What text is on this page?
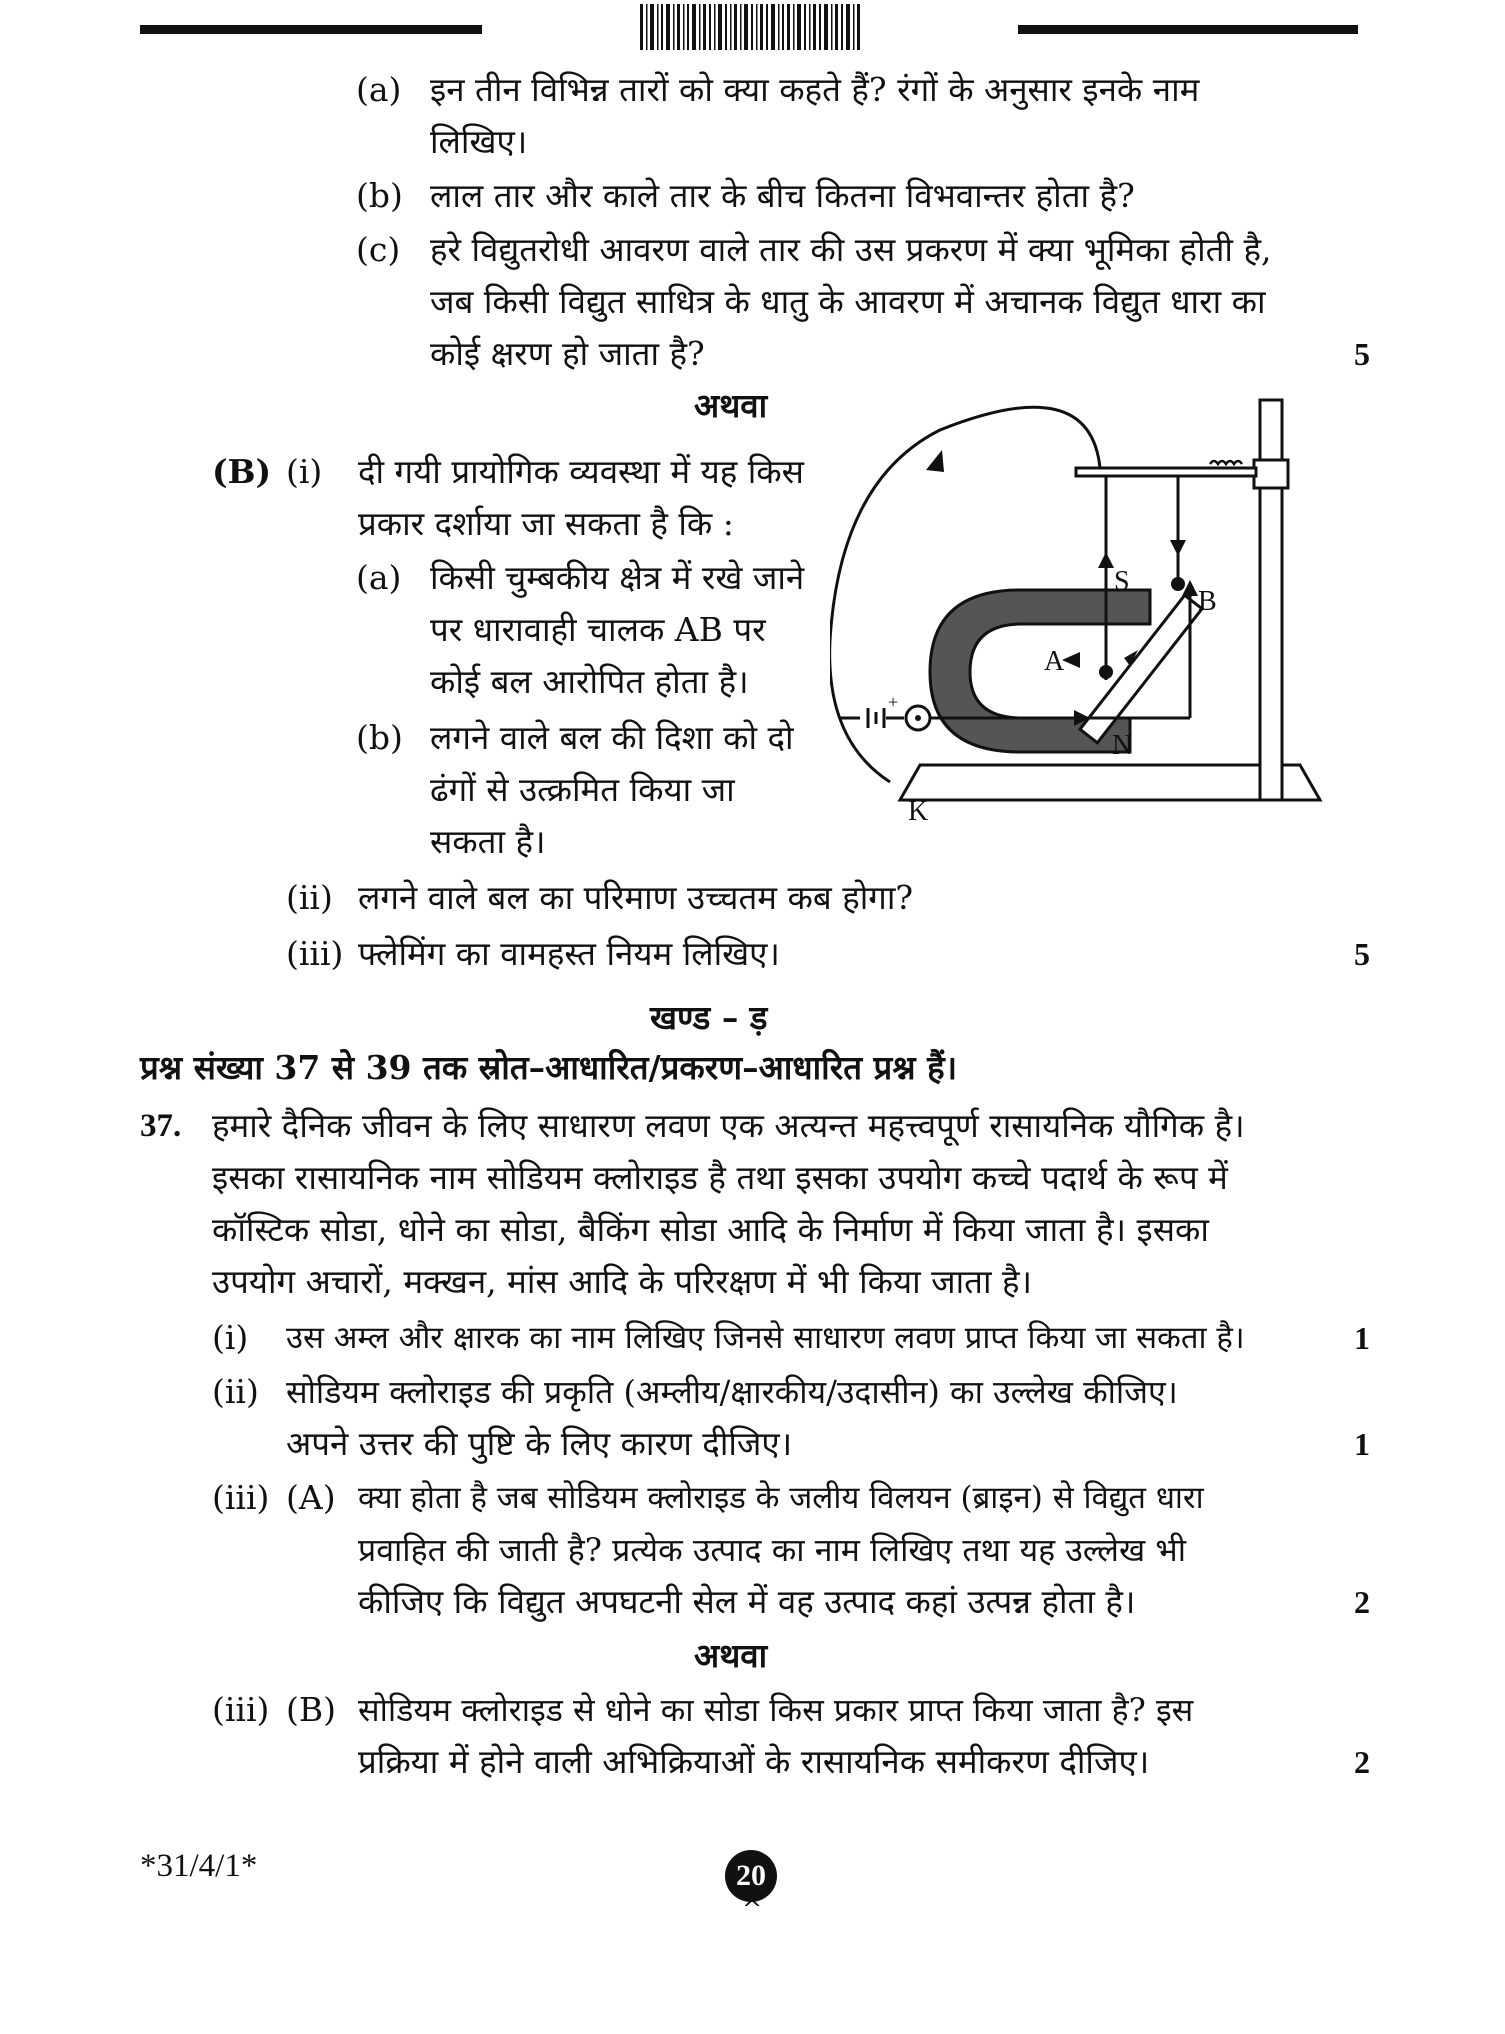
(a) इन तीन विभिन्न तारों को क्या कहते हैं? रंगों के अनुसार इनके नाम
लिखिए।
(b) लाल तार और काले तार के बीच कितना विभवान्तर होता है?
(c) हरे विद्युतरोधी आवरण वाले तार की उस प्रकरण में क्या भूमिका होती है,
जब किसी विद्युत साधित्र के धातु के आवरण में अचानक विद्युत धारा का
कोई क्षरण हो जाता है?	5
अथवा
(B) (i) दी गयी प्रायोगिक व्यवस्था में यह किस
प्रकार दर्शाया जा सकता है कि :
(a) किसी चुम्बकीय क्षेत्र में रखे जाने
पर धारावाही चालक AB पर
कोई बल आरोपित होता है।
(b) लगने वाले बल की दिशा को दो
ढंगों से उत्क्रमित किया जा
सकता है।
(ii) लगने वाले बल का परिमाण उच्चतम कब होगा?
(iii) फ्लेमिंग का वामहस्त नियम लिखिए।	5
S
B
A
N
K
+
खण्ड – ड़
प्रश्न संख्या 37 से 39 तक स्रोत–आधारित/प्रकरण–आधारित प्रश्न हैं।
37. हमारे दैनिक जीवन के लिए साधारण लवण एक अत्यन्त महत्त्वपूर्ण रासायनिक यौगिक है।
इसका रासायनिक नाम सोडियम क्लोराइड है तथा इसका उपयोग कच्चे पदार्थ के रूप में
कॉस्टिक सोडा, धोने का सोडा, बैकिंग सोडा आदि के निर्माण में किया जाता है। इसका
उपयोग अचारों, मक्खन, मांस आदि के परिरक्षण में भी किया जाता है।
(i) उस अम्ल और क्षारक का नाम लिखिए जिनसे साधारण लवण प्राप्त किया जा सकता है।	1
(ii) सोडियम क्लोराइड की प्रकृति (अम्लीय/क्षारकीय/उदासीन) का उल्लेख कीजिए।
अपने उत्तर की पुष्टि के लिए कारण दीजिए।	1
(iii) (A) क्या होता है जब सोडियम क्लोराइड के जलीय विलयन (ब्राइन) से विद्युत धारा
प्रवाहित की जाती है? प्रत्येक उत्पाद का नाम लिखिए तथा यह उल्लेख भी
कीजिए कि विद्युत अपघटनी सेल में वह उत्पाद कहां उत्पन्न होता है।	2
अथवा
(iii) (B) सोडियम क्लोराइड से धोने का सोडा किस प्रकार प्राप्त किया जाता है? इस
प्रक्रिया में होने वाली अभिक्रियाओं के रासायनिक समीकरण दीजिए।	2
*31/4/1*	20
^
